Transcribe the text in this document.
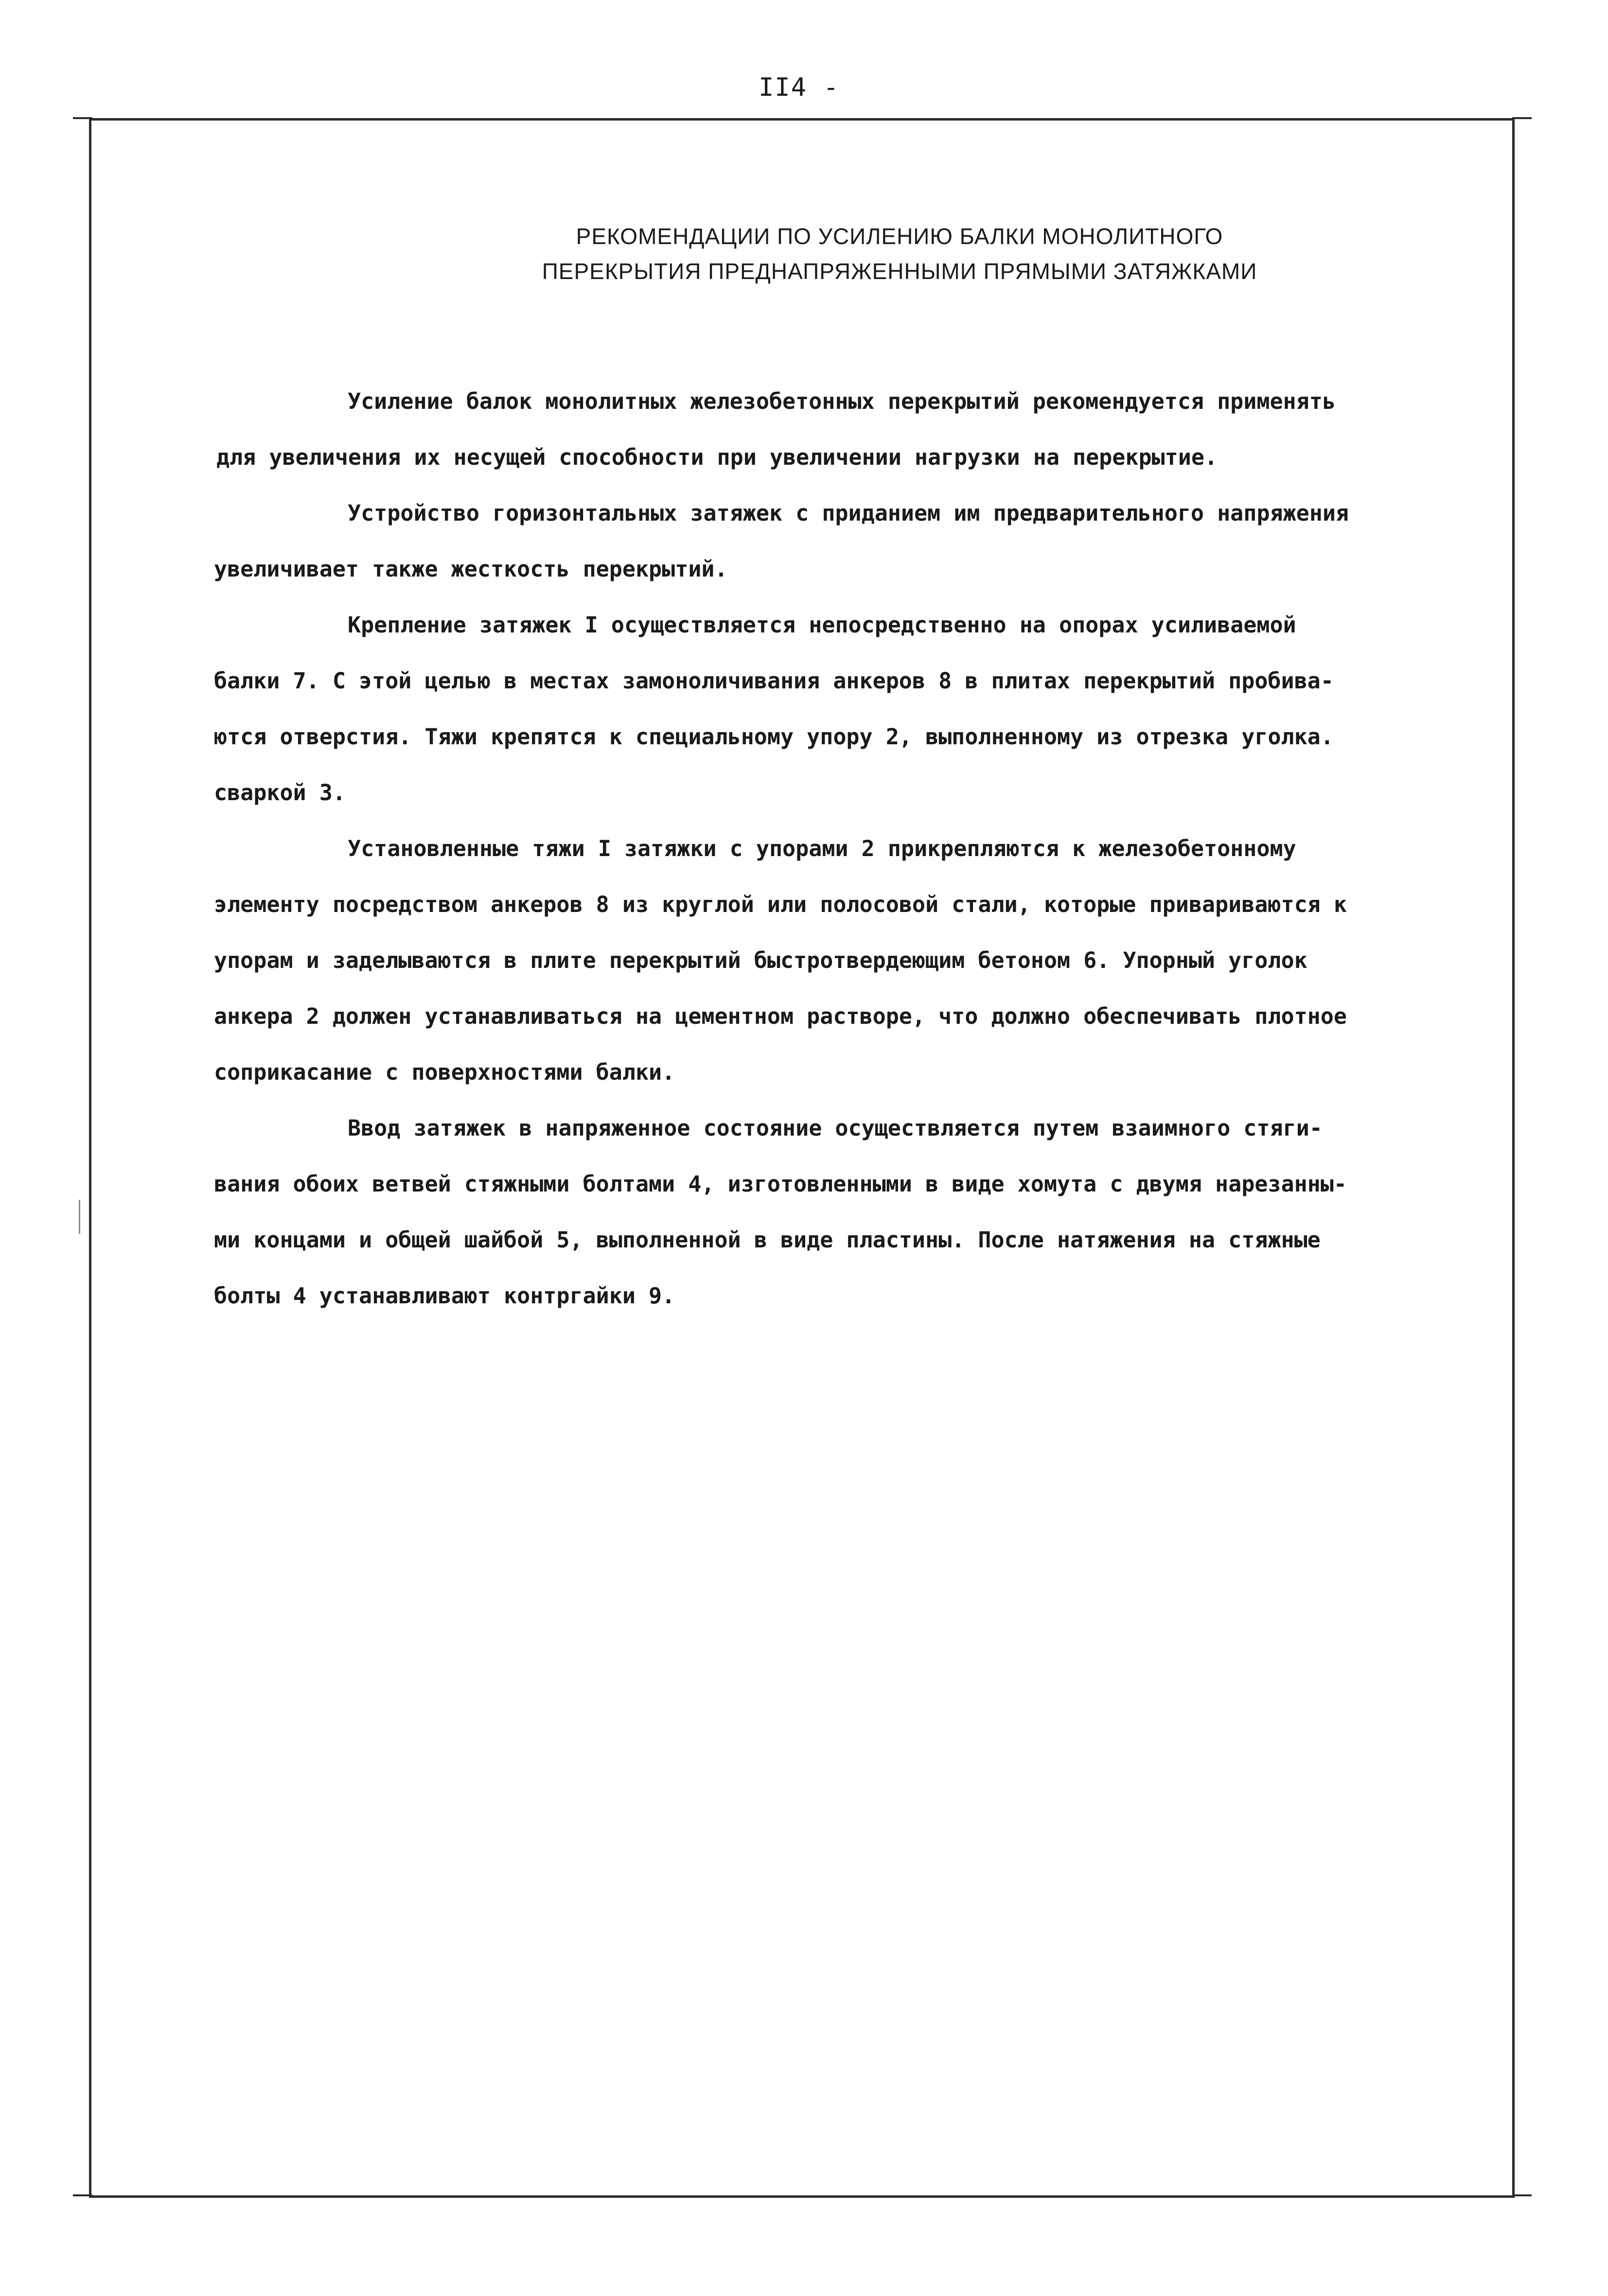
II4 -
РЕКОМЕНДАЦИИ ПО УСИЛЕНИЮ БАЛКИ МОНОЛИТНОГО
ПЕРЕКРЫТИЯ ПРЕДНАПРЯЖЕННЫМИ ПРЯМЫМИ ЗАТЯЖКАМИ
Усиление балок монолитных железобетонных перекрытий рекомендуется применять
для увеличения их несущей способности при увеличении нагрузки на перекрытие.
Устройство горизонтальных затяжек с приданием им предварительного напряжения
увеличивает также жесткость перекрытий.
Крепление затяжек I осуществляется непосредственно на опорах усиливаемой
балки 7. С этой целью в местах замоноличивания анкеров 8 в плитах перекрытий пробива-
ются отверстия. Тяжи крепятся к специальному упору 2, выполненному из отрезка уголка.
сваркой 3.
Установленные тяжи I затяжки с упорами 2 прикрепляются к железобетонному
элементу посредством анкеров 8 из круглой или полосовой стали, которые привариваются к
упорам и заделываются в плите перекрытий быстротвердеющим бетоном 6. Упорный уголок
анкера 2 должен устанавливаться на цементном растворе, что должно обеспечивать плотное
соприкасание с поверхностями балки.
Ввод затяжек в напряженное состояние осуществляется путем взаимного стяги-
вания обоих ветвей стяжными болтами 4, изготовленными в виде хомута с двумя нарезанны-
ми концами и общей шайбой 5, выполненной в виде пластины. После натяжения на стяжные
болты 4 устанавливают контргайки 9.
